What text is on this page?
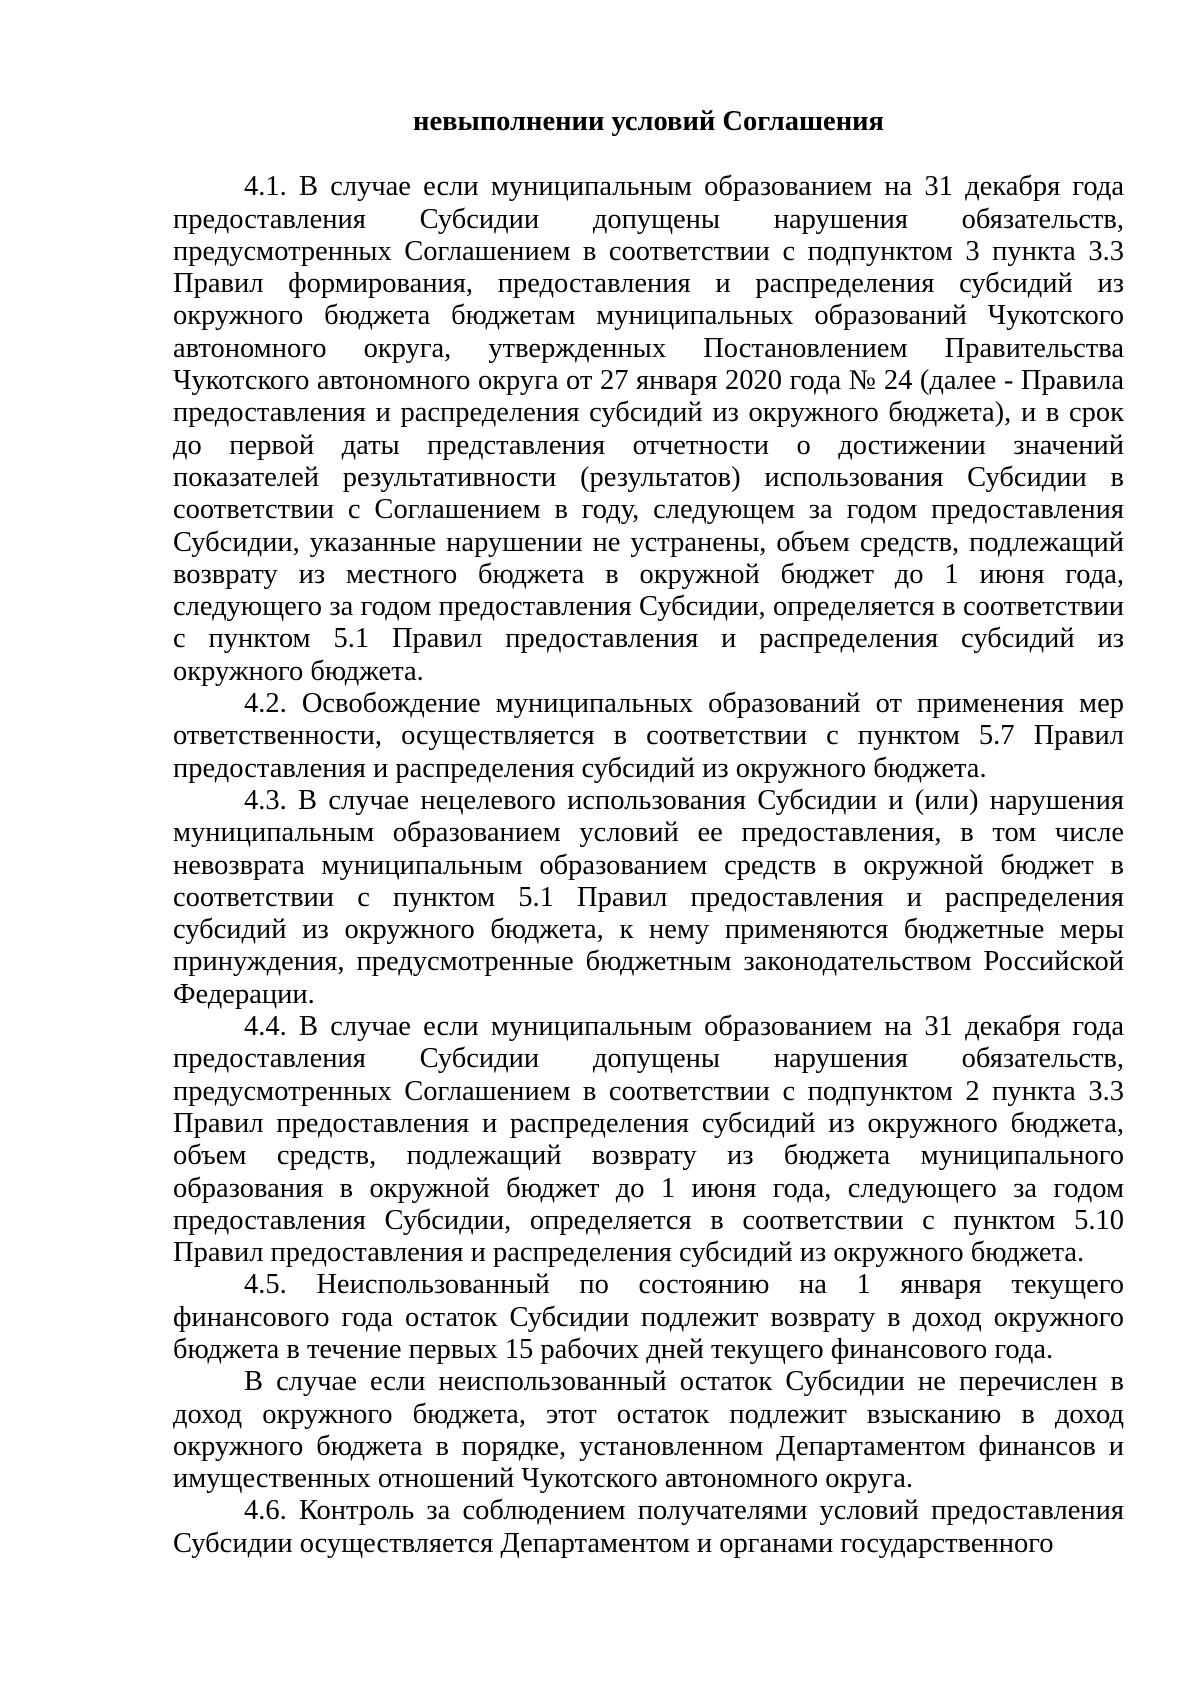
невыполнении условий Соглашения

4.1. В случае если муниципальным образованием на 31 декабря года предоставления Субсидии допущены нарушения обязательств, предусмотренных Соглашением в соответствии с подпунктом 3 пункта 3.3 Правил формирования, предоставления и распределения субсидий из окружного бюджета бюджетам муниципальных образований Чукотского автономного округа, утвержденных Постановлением Правительства Чукотского автономного округа от 27 января 2020 года № 24 (далее - Правила предоставления и распределения субсидий из окружного бюджета), и в срок до первой даты представления отчетности о достижении значений показателей результативности (результатов) использования Субсидии в соответствии с Соглашением в году, следующем за годом предоставления Субсидии, указанные нарушении не устранены, объем средств, подлежащий возврату из местного бюджета в окружной бюджет до 1 июня года, следующего за годом предоставления Субсидии, определяется в соответствии с пунктом 5.1 Правил предоставления и распределения субсидий из окружного бюджета.

4.2. Освобождение муниципальных образований от применения мер ответственности, осуществляется в соответствии с пунктом 5.7 Правил предоставления и распределения субсидий из окружного бюджета.

4.3. В случае нецелевого использования Субсидии и (или) нарушения муниципальным образованием условий ее предоставления, в том числе невозврата муниципальным образованием средств в окружной бюджет в соответствии с пунктом 5.1 Правил предоставления и распределения субсидий из окружного бюджета, к нему применяются бюджетные меры принуждения, предусмотренные бюджетным законодательством Российской Федерации.

4.4. В случае если муниципальным образованием на 31 декабря года предоставления Субсидии допущены нарушения обязательств, предусмотренных Соглашением в соответствии с подпунктом 2 пункта 3.3 Правил предоставления и распределения субсидий из окружного бюджета, объем средств, подлежащий возврату из бюджета муниципального образования в окружной бюджет до 1 июня года, следующего за годом предоставления Субсидии, определяется в соответствии с пунктом 5.10 Правил предоставления и распределения субсидий из окружного бюджета.

4.5. Неиспользованный по состоянию на 1 января текущего финансового года остаток Субсидии подлежит возврату в доход окружного бюджета в течение первых 15 рабочих дней текущего финансового года.

В случае если неиспользованный остаток Субсидии не перечислен в доход окружного бюджета, этот остаток подлежит взысканию в доход окружного бюджета в порядке, установленном Департаментом финансов и имущественных отношений Чукотского автономного округа.

4.6. Контроль за соблюдением получателями условий предоставления Субсидии осуществляется Департаментом и органами государственного
